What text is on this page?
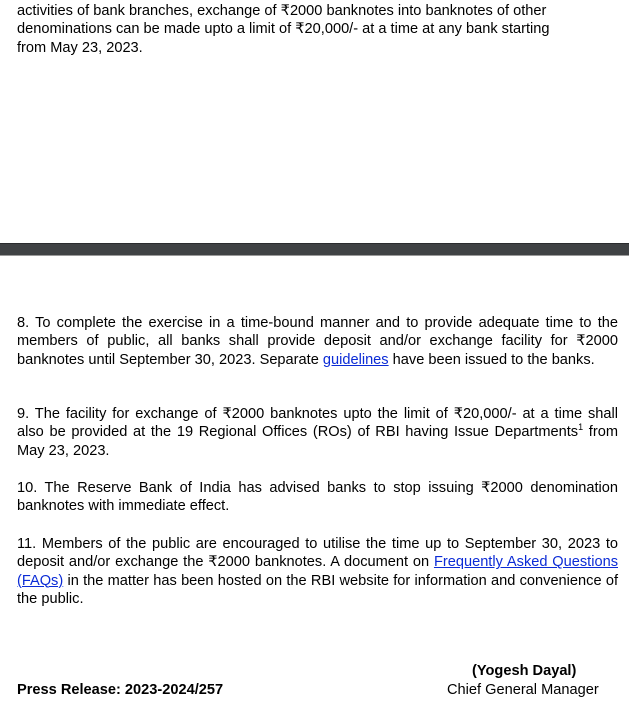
activities of bank branches, exchange of ₹2000 banknotes into banknotes of other
denominations can be made upto a limit of ₹20,000/- at a time at any bank starting
from May 23, 2023.

8. To complete the exercise in a time-bound manner and to provide adequate time to the members of public, all banks shall provide deposit and/or exchange facility for ₹2000 banknotes until September 30, 2023. Separate guidelines have been issued to the banks.

9. The facility for exchange of ₹2000 banknotes upto the limit of ₹20,000/- at a time shall also be provided at the 19 Regional Offices (ROs) of RBI having Issue Departments$^1$ from May 23, 2023.

10. The Reserve Bank of India has advised banks to stop issuing ₹2000 denomination banknotes with immediate effect.

11. Members of the public are encouraged to utilise the time up to September 30, 2023 to deposit and/or exchange the ₹2000 banknotes. A document on Frequently Asked Questions (FAQs) in the matter has been hosted on the RBI website for information and convenience of the public.

(Yogesh Dayal)
Press Release: 2023-2024/257	Chief General Manager
